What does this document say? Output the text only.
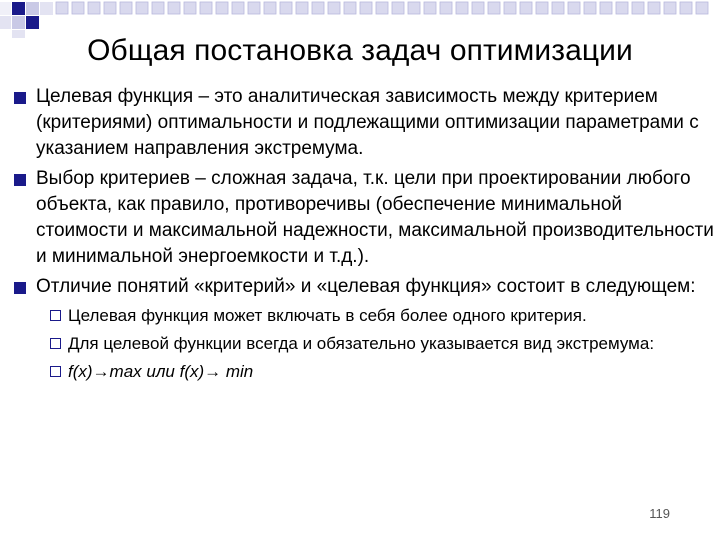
Общая постановка задач оптимизации
Целевая функция – это аналитическая зависимость между критерием (критериями) оптимальности и подлежащими оптимизации параметрами с указанием направления экстремума.
Выбор критериев – сложная задача, т.к. цели при проектировании любого объекта, как правило, противоречивы (обеспечение минимальной стоимости и максимальной надежности, максимальной производительности и минимальной энергоемкости и т.д.).
Отличие понятий «критерий» и «целевая функция» состоит в следующем:
Целевая функция может включать в себя более одного критерия.
Для целевой функции всегда и обязательно указывается вид экстремума:
f(x)→max или f(x)→ min
119
